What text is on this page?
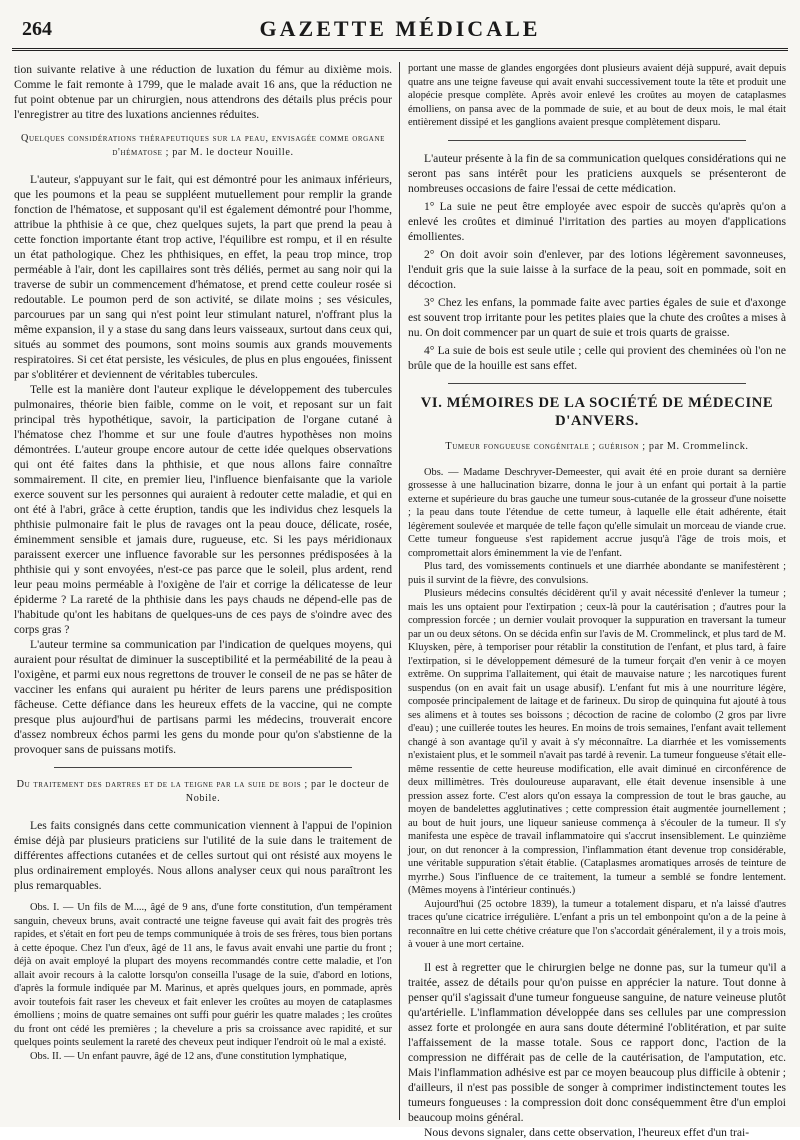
264	GAZETTE MÉDICALE

tion suivante relative à une réduction de luxation du fémur au dixième mois. Comme le fait remonte à 1799, que le malade avait 16 ans, que la réduction ne fut point obtenue par un chirurgien, nous attendrons des détails plus précis pour l'enregistrer au titre des luxations anciennes réduites.

Quelques considérations thérapeutiques sur la peau, envisagée comme organe d'hématose ; par M. le docteur Nouille.

L'auteur, s'appuyant sur le fait, qui est démontré pour les animaux inférieurs, que les poumons et la peau se suppléent mutuellement pour remplir la grande fonction de l'hématose, et supposant qu'il est également démontré pour l'homme, attribue la phthisie à ce que, chez quelques sujets, la part que prend la peau à cette fonction importante étant trop active, l'équilibre est rompu, et il en résulte un état pathologique. Chez les phthisiques, en effet, la peau trop mince, trop perméable à l'air, dont les capillaires sont très déliés, permet au sang noir qui la traverse de subir un commencement d'hématose, et prend cette couleur rosée si redoutable. Le poumon perd de son activité, se dilate moins ; ses vésicules, parcourues par un sang qui n'est point leur stimulant naturel, n'offrant plus la même expansion, il y a stase du sang dans leurs vaisseaux, surtout dans ceux qui, situés au sommet des poumons, sont moins soumis aux grands mouvements respiratoires. Si cet état persiste, les vésicules, de plus en plus engouées, finissent par s'oblitérer et deviennent de véritables tubercules.

Telle est la manière dont l'auteur explique le développement des tubercules pulmonaires, théorie bien faible, comme on le voit, et reposant sur un fait principal très hypothétique, savoir, la participation de l'organe cutané à l'hématose chez l'homme et sur une foule d'autres hypothèses non moins démontrées. L'auteur groupe encore autour de cette idée quelques observations qui ont été faites dans la phthisie, et que nous allons faire connaître sommairement. Il cite, en premier lieu, l'influence bienfaisante que la variole exerce souvent sur les personnes qui auraient à redouter cette maladie, et qui en ont été à l'abri, grâce à cette éruption, tandis que les individus chez lesquels la phthisie pulmonaire fait le plus de ravages ont la peau douce, délicate, rosée, éminemment sensible et jamais dure, rugueuse, etc. Si les pays méridionaux paraissent exercer une influence favorable sur les personnes prédisposées à la phthisie qui y sont envoyées, n'est-ce pas parce que le soleil, plus ardent, rend leur peau moins perméable à l'oxigène de l'air et corrige la délicatesse de leur épiderme ? La rareté de la phthisie dans les pays chauds ne dépend-elle pas de l'habitude qu'ont les habitans de quelques-uns de ces pays de s'oindre avec des corps gras ?

L'auteur termine sa communication par l'indication de quelques moyens, qui auraient pour résultat de diminuer la susceptibilité et la perméabilité de la peau à l'oxigène, et parmi eux nous regrettons de trouver le conseil de ne pas se hâter de vacciner les enfans qui auraient pu hériter de leurs parens une prédisposition fâcheuse. Cette défiance dans les heureux effets de la vaccine, qui ne compte presque plus aujourd'hui de partisans parmi les médecins, trouverait encore d'assez nombreux échos parmi les gens du monde pour qu'on s'abstienne de la provoquer sans de puissans motifs.

Du traitement des dartres et de la teigne par la suie de bois ; par le docteur de Nobile.

Les faits consignés dans cette communication viennent à l'appui de l'opinion émise déjà par plusieurs praticiens sur l'utilité de la suie dans le traitement de différentes affections cutanées et de celles surtout qui ont résisté aux moyens le plus ordinairement employés. Nous allons analyser ceux qui nous paraîtront les plus remarquables.

Obs. I. — Un fils de M...., âgé de 9 ans, d'une forte constitution, d'un tempérament sanguin, cheveux bruns, avait contracté une teigne faveuse qui avait fait des progrès très rapides, et s'était en fort peu de temps communiquée à trois de ses frères, tous bien portans à cette époque. Chez l'un d'eux, âgé de 11 ans, le favus avait envahi une partie du front ; déjà on avait employé la plupart des moyens recommandés contre cette maladie, et l'on allait avoir recours à la calotte lorsqu'on conseilla l'usage de la suie, d'abord en lotions, d'après la formule indiquée par M. Marinus, et après quelques jours, en pommade, après avoir toutefois fait raser les cheveux et fait enlever les croûtes au moyen de cataplasmes émolliens ; moins de quatre semaines ont suffi pour guérir les quatre malades ; les croûtes du front ont cédé les premières ; la chevelure a pris sa croissance avec rapidité, et sur quelques points seulement la rareté des cheveux peut indiquer l'endroit où le mal a existé.

Obs. II. — Un enfant pauvre, âgé de 12 ans, d'une constitution lymphatique,

portant une masse de glandes engorgées dont plusieurs avaient déjà suppuré, avait depuis quatre ans une teigne faveuse qui avait envahi successivement toute la tête et produit une alopécie presque complète. Après avoir enlevé les croûtes au moyen de cataplasmes émolliens, on pansa avec de la pommade de suie, et au bout de deux mois, le mal était entièrement dissipé et les ganglions avaient presque complètement disparu.

L'auteur présente à la fin de sa communication quelques considérations qui ne seront pas sans intérêt pour les praticiens auxquels se présenteront de nombreuses occasions de faire l'essai de cette médication.

1° La suie ne peut être employée avec espoir de succès qu'après qu'on a enlevé les croûtes et diminué l'irritation des parties au moyen d'applications émollientes.

2° On doit avoir soin d'enlever, par des lotions légèrement savonneuses, l'enduit gris que la suie laisse à la surface de la peau, soit en pommade, soit en décoction.

3° Chez les enfans, la pommade faite avec parties égales de suie et d'axonge est souvent trop irritante pour les petites plaies que la chute des croûtes a mises à nu. On doit commencer par un quart de suie et trois quarts de graisse.

4° La suie de bois est seule utile ; celle qui provient des cheminées où l'on ne brûle que de la houille est sans effet.

VI. MÉMOIRES DE LA SOCIÉTÉ DE MÉDECINE D'ANVERS.

Tumeur fongueuse congénitale ; guérison ; par M. Crommelinck.

Obs. — Madame Deschryver-Demeester, qui avait été en proie durant sa dernière grossesse à une hallucination bizarre, donna le jour à un enfant qui portait à la partie externe et supérieure du bras gauche une tumeur sous-cutanée de la grosseur d'une noisette ; la peau dans toute l'étendue de cette tumeur, à laquelle elle était adhérente, était légèrement soulevée et marquée de telle façon qu'elle simulait un morceau de viande crue. Cette tumeur fongueuse s'est rapidement accrue jusqu'à l'âge de trois mois, et compromettait alors éminemment la vie de l'enfant.

Plus tard, des vomissements continuels et une diarrhée abondante se manifestèrent ; puis il survint de la fièvre, des convulsions.

Plusieurs médecins consultés décidèrent qu'il y avait nécessité d'enlever la tumeur ; mais les uns optaient pour l'extirpation ; ceux-là pour la cautérisation ; d'autres pour la compression forcée ; un dernier voulait provoquer la suppuration en traversant la tumeur par un ou deux sétons. On se décida enfin sur l'avis de M. Crommelinck, et plus tard de M. Kluysken, père, à temporiser pour rétablir la constitution de l'enfant, et plus tard, à faire l'extirpation, si le développement démesuré de la tumeur forçait d'en venir à ce moyen extrême. On supprima l'allaitement, qui était de mauvaise nature ; les narcotiques furent suspendus (on en avait fait un usage abusif). L'enfant fut mis à une nourriture légère, composée principalement de laitage et de farineux. Du sirop de quinquina fut ajouté à tous ses alimens et à toutes ses boissons ; décoction de racine de colombo (2 gros par livre d'eau) ; une cuillerée toutes les heures. En moins de trois semaines, l'enfant avait tellement changé à son avantage qu'il y avait à s'y méconnaître. La diarrhée et les vomissements n'existaient plus, et le sommeil n'avait pas tardé à revenir. La tumeur fongueuse s'était elle-même ressentie de cette heureuse modification, elle avait diminué en circonférence de deux millimètres. Très douloureuse auparavant, elle était devenue insensible à une pression assez forte. C'est alors qu'on essaya la compression de tout le bras gauche, au moyen de bandelettes agglutinatives ; cette compression était augmentée journellement ; au bout de huit jours, une liqueur sanieuse commença à s'écouler de la tumeur. Il s'y manifesta une espèce de travail inflammatoire qui s'accrut insensiblement. Le quinzième jour, on dut renoncer à la compression, l'inflammation étant devenue trop considérable, une véritable suppuration s'était établie. (Cataplasmes aromatiques arrosés de teinture de myrrhe.) Sous l'influence de ce traitement, la tumeur a semblé se fondre lentement. (Mêmes moyens à l'intérieur continués.)

Aujourd'hui (25 octobre 1839), la tumeur a totalement disparu, et n'a laissé d'autres traces qu'une cicatrice irrégulière. L'enfant a pris un tel embonpoint qu'on a de la peine à reconnaître en lui cette chétive créature que l'on s'accordait généralement, il y a trois mois, à vouer à une mort certaine.

Il est à regretter que le chirurgien belge ne donne pas, sur la tumeur qu'il a traitée, assez de détails pour qu'on puisse en apprécier la nature. Tout donne à penser qu'il s'agissait d'une tumeur fongueuse sanguine, de nature veineuse plutôt qu'artérielle. L'inflammation développée dans ses cellules par une compression assez forte et prolongée en aura sans doute déterminé l'oblitération, et par suite l'affaissement de la masse totale. Sous ce rapport donc, l'action de la compression ne différait pas de celle de la cautérisation, de l'amputation, etc. Mais l'inflammation adhésive est par ce moyen beaucoup plus difficile à obtenir ; d'ailleurs, il n'est pas possible de songer à comprimer indistinctement toutes les tumeurs fongueuses : la compression doit donc conséquemment être d'un emploi beaucoup moins général.

Nous devons signaler, dans cette observation, l'heureux effet d'un trai-
